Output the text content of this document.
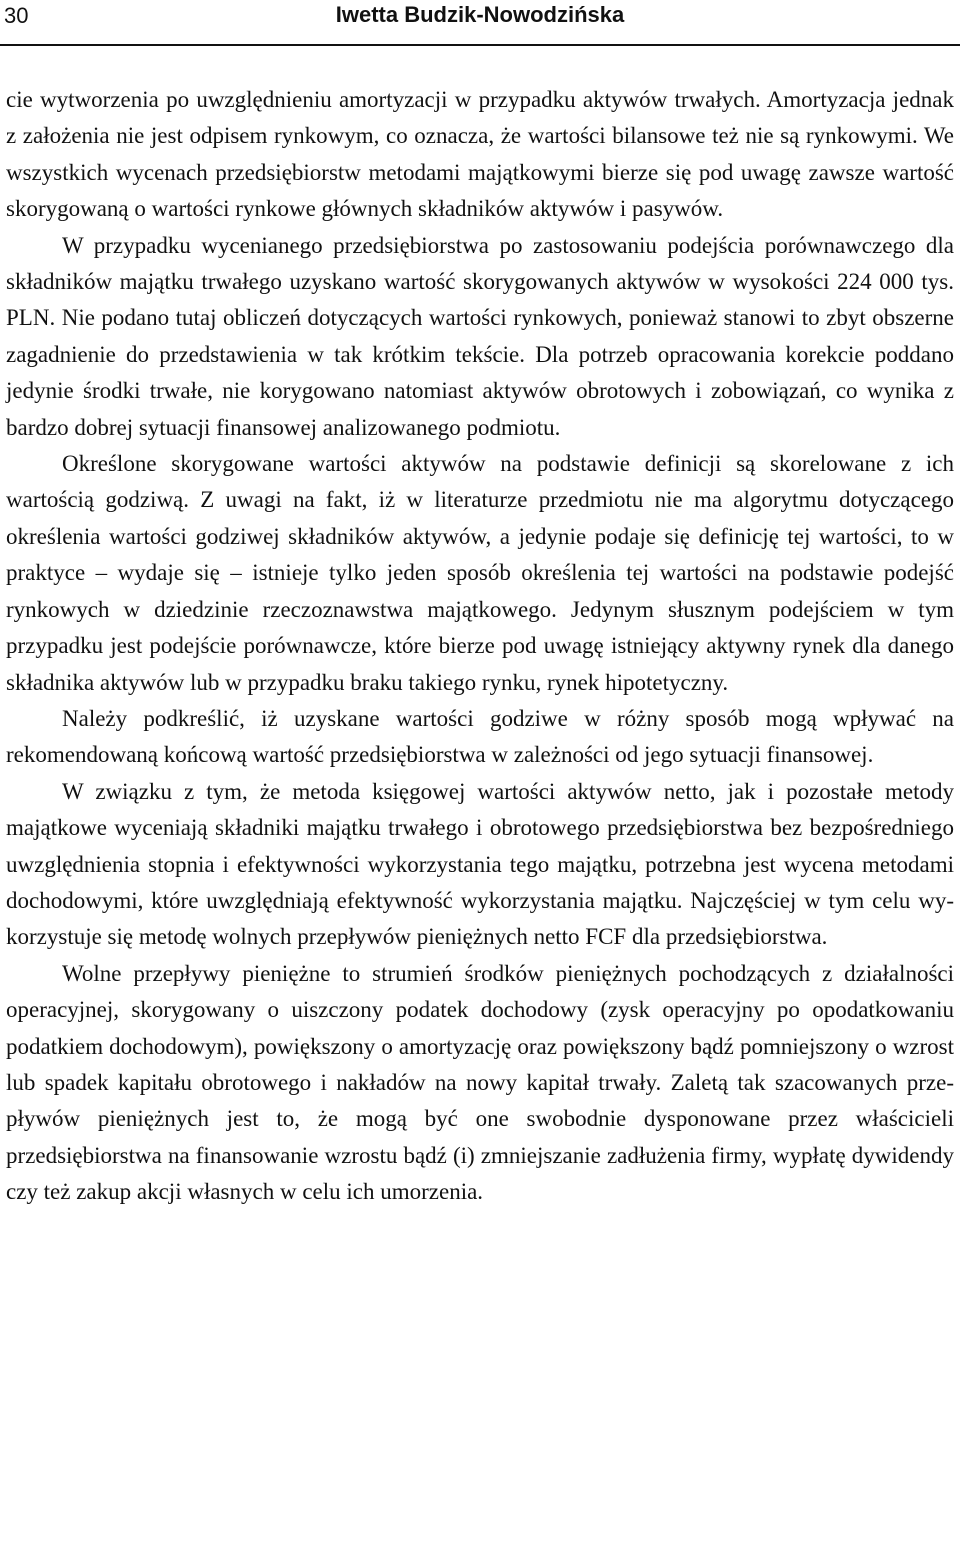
30	Iwetta Budzik-Nowodzińska

cie wytworzenia po uwzględnieniu amortyzacji w przypadku aktywów trwałych. Amortyzacja jednak z założenia nie jest odpisem rynkowym, co oznacza, że wartości bilansowe też nie są rynkowymi. We wszystkich wycenach przedsiębiorstw metodami majątkowymi bierze się pod uwagę zawsze wartość skorygowaną o wartości rynkowe głównych składników aktywów i pasywów.

W przypadku wycenianego przedsiębiorstwa po zastosowaniu podejścia porównawczego dla składników majątku trwałego uzyskano wartość skorygowanych aktywów w wysokości 224 000 tys. PLN. Nie podano tutaj obliczeń dotyczących wartości rynkowych, ponieważ stanowi to zbyt obszerne zagadnienie do przedstawienia w tak krótkim tekście. Dla potrzeb opracowania korekcie poddano jedynie środki trwałe, nie korygowano natomiast aktywów obrotowych i zobowiązań, co wynika z bardzo dobrej sytuacji finansowej analizowanego podmiotu.

Określone skorygowane wartości aktywów na podstawie definicji są skorelowane z ich wartością godziwą. Z uwagi na fakt, iż w literaturze przedmiotu nie ma algorytmu dotyczącego określenia wartości godziwej składników aktywów, a jedynie podaje się definicję tej wartości, to w praktyce – wydaje się – istnieje tylko jeden sposób określenia tej wartości na podstawie podejść rynkowych w dziedzinie rzeczoznawstwa majątkowego. Jedynym słusznym podejściem w tym przypadku jest podejście porównawcze, które bierze pod uwagę istniejący aktywny rynek dla danego składnika aktywów lub w przypadku braku takiego rynku, rynek hipotetyczny.

Należy podkreślić, iż uzyskane wartości godziwe w różny sposób mogą wpływać na rekomendowaną końcową wartość przedsiębiorstwa w zależności od jego sytuacji finansowej.

W związku z tym, że metoda księgowej wartości aktywów netto, jak i pozostałe metody majątkowe wyceniają składniki majątku trwałego i obrotowego przedsiębiorstwa bez bezpośredniego uwzględnienia stopnia i efektywności wykorzystania tego majątku, potrzebna jest wycena metodami dochodowymi, które uwzględniają efektywność wykorzystania majątku. Najczęściej w tym celu wykorzystuje się metodę wolnych przepływów pieniężnych netto FCF dla przedsiębiorstwa.

Wolne przepływy pieniężne to strumień środków pieniężnych pochodzących z działalności operacyjnej, skorygowany o uiszczony podatek dochodowy (zysk operacyjny po opodatkowaniu podatkiem dochodowym), powiększony o amortyzację oraz powiększony bądź pomniejszony o wzrost lub spadek kapitału obrotowego i nakładów na nowy kapitał trwały. Zaletą tak szacowanych przepływów pieniężnych jest to, że mogą być one swobodnie dysponowane przez właścicieli przedsiębiorstwa na finansowanie wzrostu bądź (i) zmniejszanie zadłużenia firmy, wypłatę dywidendy czy też zakup akcji własnych w celu ich umorzenia.
